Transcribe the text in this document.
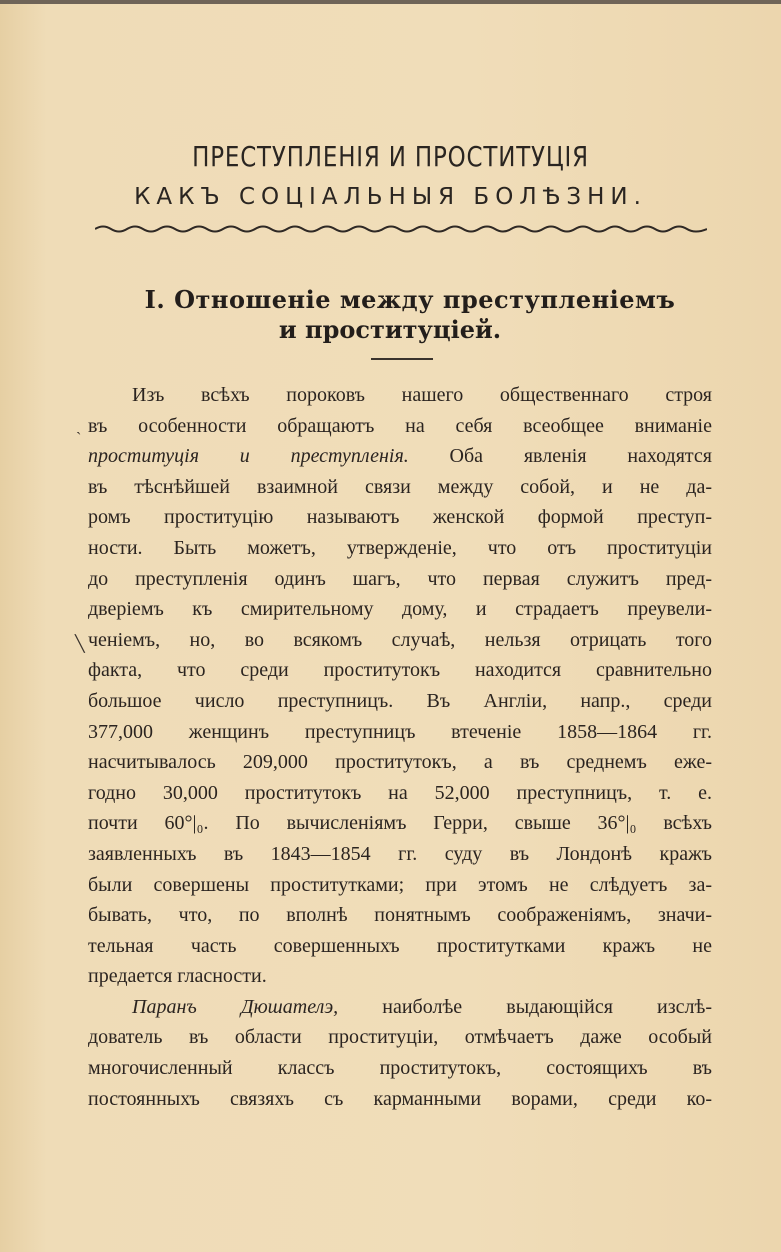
ПРЕСТУПЛЕНІЯ И ПРОСТИТУЦІЯ
КАКЪ СОЦІАЛЬНЫЯ БОЛѢЗНИ.
I. Отношеніе между преступленіемъ
и проституціей.
ˏ
╲
Изъ всѣхъ пороковъ нашего общественнаго строя
въ особенности обращаютъ на себя всеобщее вниманіе
проституція и преступленія. Оба явленія находятся
въ тѣснѣйшей взаимной связи между собой, и не да-
ромъ проституцію называютъ женской формой преступ-
ности. Быть можетъ, утвержденіе, что отъ проституціи
до преступленія одинъ шагъ, что первая служитъ пред-
дверіемъ къ смирительному дому, и страдаетъ преувели-
ченіемъ, но, во всякомъ случаѣ, нельзя отрицать того
факта, что среди проститутокъ находится сравнительно
большое число преступницъ. Въ Англіи, напр., среди
377,000 женщинъ преступницъ втеченіе 1858—1864 гг.
насчитывалось 209,000 проститутокъ, а въ среднемъ еже-
годно 30,000 проститутокъ на 52,000 преступницъ, т. е.
почти 60°|₀. По вычисленіямъ Герри, свыше 36°|₀ всѣхъ
заявленныхъ въ 1843—1854 гг. суду въ Лондонѣ кражъ
были совершены проститутками; при этомъ не слѣдуетъ за-
бывать, что, по вполнѣ понятнымъ соображеніямъ, значи-
тельная часть совершенныхъ проститутками кражъ не
предается гласности.
Паранъ Дюшателэ, наиболѣе выдающійся изслѣ-
дователь въ области проституціи, отмѣчаетъ даже особый
многочисленный классъ проститутокъ, состоящихъ въ
постоянныхъ связяхъ съ карманными ворами, среди ко-
